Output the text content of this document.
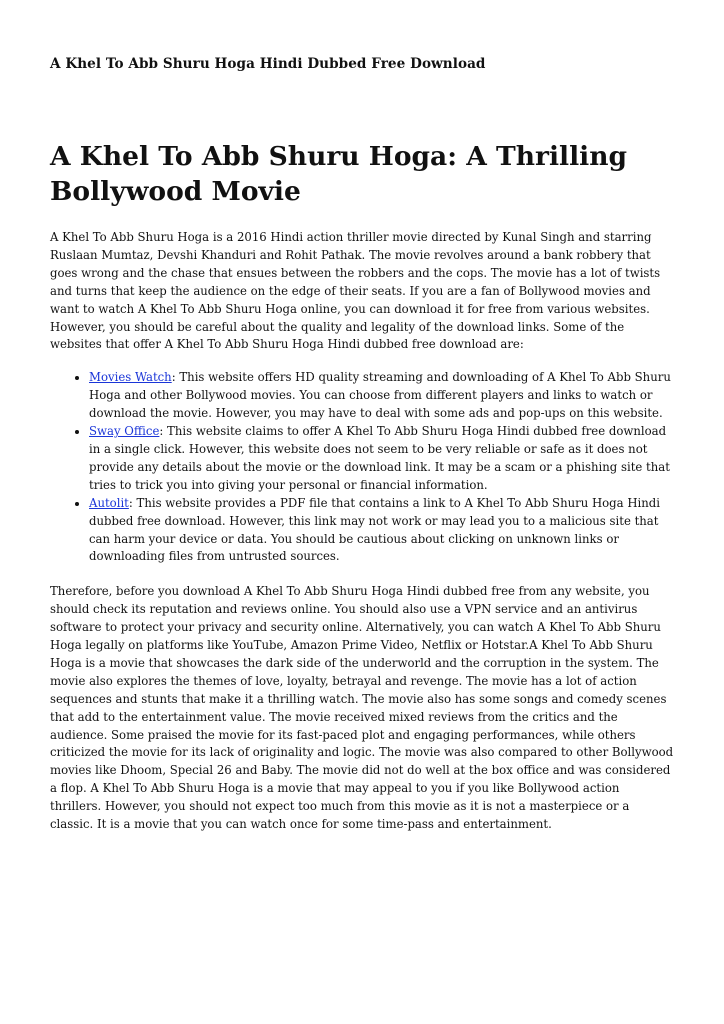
A Khel To Abb Shuru Hoga Hindi Dubbed Free Download
A Khel To Abb Shuru Hoga: A Thrilling Bollywood Movie

A Khel To Abb Shuru Hoga is a 2016 Hindi action thriller movie directed by Kunal Singh and starring Ruslaan Mumtaz, Devshi Khanduri and Rohit Pathak. The movie revolves around a bank robbery that goes wrong and the chase that ensues between the robbers and the cops. The movie has a lot of twists and turns that keep the audience on the edge of their seats. If you are a fan of Bollywood movies and want to watch A Khel To Abb Shuru Hoga online, you can download it for free from various websites. However, you should be careful about the quality and legality of the download links. Some of the websites that offer A Khel To Abb Shuru Hoga Hindi dubbed free download are:

• Movies Watch: This website offers HD quality streaming and downloading of A Khel To Abb Shuru Hoga and other Bollywood movies. You can choose from different players and links to watch or download the movie. However, you may have to deal with some ads and pop-ups on this website.
• Sway Office: This website claims to offer A Khel To Abb Shuru Hoga Hindi dubbed free download in a single click. However, this website does not seem to be very reliable or safe as it does not provide any details about the movie or the download link. It may be a scam or a phishing site that tries to trick you into giving your personal or financial information.
• Autolit: This website provides a PDF file that contains a link to A Khel To Abb Shuru Hoga Hindi dubbed free download. However, this link may not work or may lead you to a malicious site that can harm your device or data. You should be cautious about clicking on unknown links or downloading files from untrusted sources.

Therefore, before you download A Khel To Abb Shuru Hoga Hindi dubbed free from any website, you should check its reputation and reviews online. You should also use a VPN service and an antivirus software to protect your privacy and security online. Alternatively, you can watch A Khel To Abb Shuru Hoga legally on platforms like YouTube, Amazon Prime Video, Netflix or Hotstar.A Khel To Abb Shuru Hoga is a movie that showcases the dark side of the underworld and the corruption in the system. The movie also explores the themes of love, loyalty, betrayal and revenge. The movie has a lot of action sequences and stunts that make it a thrilling watch. The movie also has some songs and comedy scenes that add to the entertainment value. The movie received mixed reviews from the critics and the audience. Some praised the movie for its fast-paced plot and engaging performances, while others criticized the movie for its lack of originality and logic. The movie was also compared to other Bollywood movies like Dhoom, Special 26 and Baby. The movie did not do well at the box office and was considered a flop. A Khel To Abb Shuru Hoga is a movie that may appeal to you if you like Bollywood action thrillers. However, you should not expect too much from this movie as it is not a masterpiece or a classic. It is a movie that you can watch once for some time-pass and entertainment.
